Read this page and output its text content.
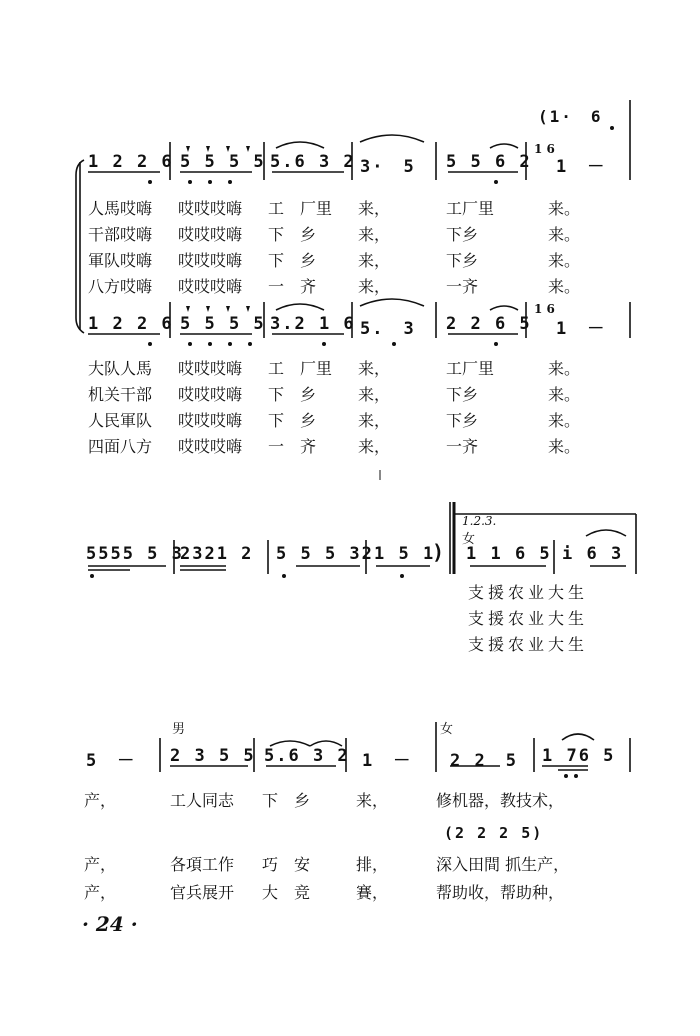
(1·　6
1 2 2 6 5 5 5 5 5.6 3 2 3·　5 5 5 6 2
1 6
1　－
人馬哎嗨 哎哎哎嗨 工　厂里 来，	工厂里	来。
干部哎嗨 哎哎哎嗨 下　乡	来，	下乡	来。
軍队哎嗨 哎哎哎嗨 下　乡	来，	下乡	来。
八方哎嗨 哎哎哎嗨 一　齐	来，	一齐	来。
1 2 2 6 5 5 5 5 3.2 1 6 5.　3 2 2 6 5
1 6
1　－
大队人馬 哎哎哎嗨 工　厂里 来，	工厂里	来。
机关干部 哎哎哎嗨 下　乡	来，	下乡	来。
人民軍队 哎哎哎嗨 下　乡	来，	下乡	来。
四面八方 哎哎哎嗨 一　齐	来，	一齐	来。
1.2.3.
女
5555 5 3
2321 2 5 5 5 32 1 5 1
) 1 1 6 5 i 6 3
支援农业大生
支援农业大生
支援农业大生
男	女
5　－ 2 3 5 5 5.6 3 2 1　－ 2 2　5 1 76 5
产，	工人同志 下　乡	来，	修机器，教技术，
(2 2 2 5)
产，	各項工作 巧　安	排，	深入田間 抓生产，
产，	官兵展开 大　竞	賽，	帮助收，帮助种，
· 24 ·
